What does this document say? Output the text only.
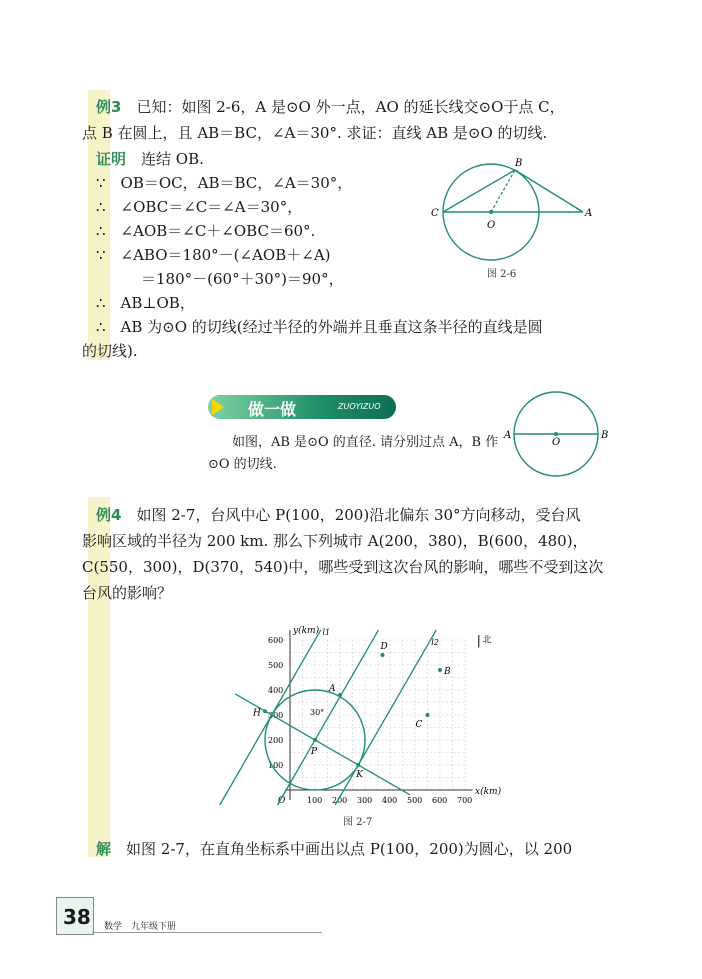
例3　 已知：如图 2-6，A 是⊙O 外一点，AO 的延长线交⊙O于点 C，
点 B 在圆上，且 AB＝BC，∠A＝30°. 求证：直线 AB 是⊙O 的切线.
证明　 连结 OB.
∵　OB＝OC，AB＝BC，∠A＝30°，
∴　∠OBC＝∠C＝∠A＝30°，
∴　∠AOB＝∠C＋∠OBC＝60°.
∵　∠ABO＝180°－(∠AOB＋∠A)
　　　＝180°－(60°＋30°)＝90°，
∴　AB⊥OB，
∴　AB 为⊙O 的切线(经过半径的外端并且垂直这条半径的直线是圆
的切线).
C
O
B
A
图 2-6
做一做	ZUOYIZUO
如图，AB 是⊙O 的直径. 请分别过点 A，B 作
⊙O 的切线.
A
O
B
例4　 如图 2-7，台风中心 P(100，200)沿北偏东 30°方向移动，受台风
影响区域的半径为 200 km. 那么下列城市 A(200，380)，B(600，480)，
C(550，300)，D(370，540)中，哪些受到这次台风的影响，哪些不受到这次
台风的影响？
x(km)
y(km)
O	100 200 300 400 500 600 700
100
200
300
400
500
600
l1
l2
30°
北
P
A
B
C
D
H
K
图 2-7
解　 如图 2-7，在直角坐标系中画出以点 P(100，200)为圆心，以 200
38 数学　九年级下册
